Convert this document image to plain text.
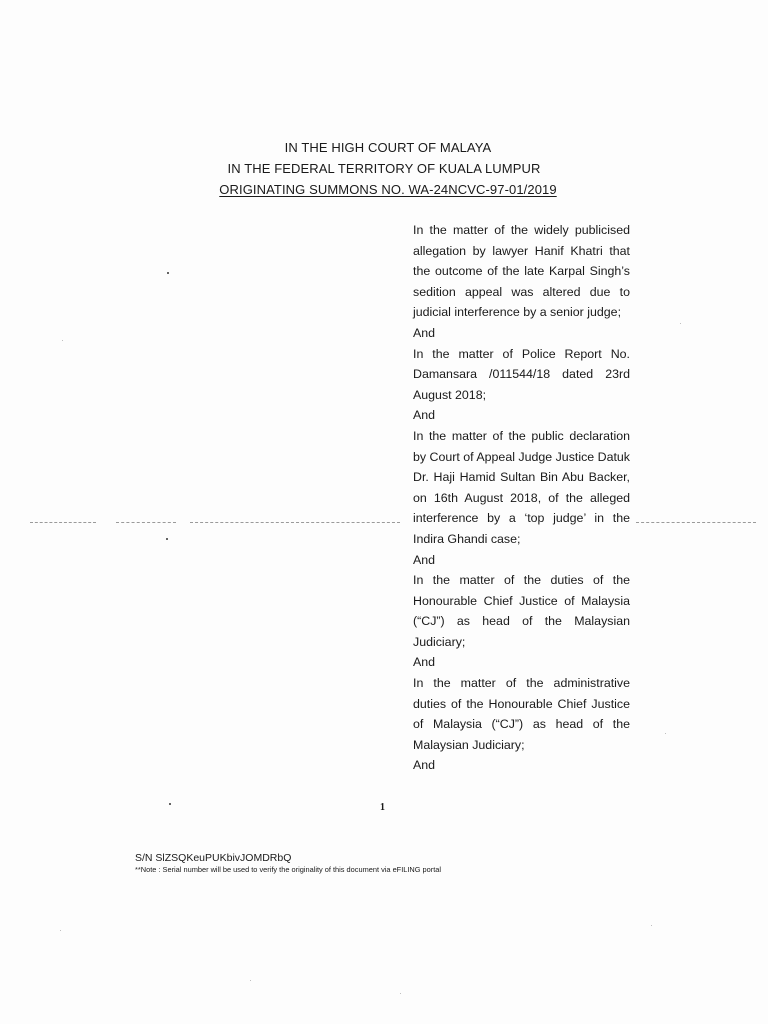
IN THE HIGH COURT OF MALAYA
IN THE FEDERAL TERRITORY OF KUALA LUMPUR
ORIGINATING SUMMONS NO. WA-24NCVC-97-01/2019
In the matter of the widely publicised allegation by lawyer Hanif Khatri that the outcome of the late Karpal Singh’s sedition appeal was altered due to judicial interference by a senior judge;
And
In the matter of Police Report No. Damansara /011544/18 dated 23rd August 2018;
And
In the matter of the public declaration by Court of Appeal Judge Justice Datuk Dr. Haji Hamid Sultan Bin Abu Backer, on 16th August 2018, of the alleged interference by a ‘top judge’ in the Indira Ghandi case;
And
In the matter of the duties of the Honourable Chief Justice of Malaysia (“CJ”) as head of the Malaysian Judiciary;
And
In the matter of the administrative duties of the Honourable Chief Justice of Malaysia (“CJ”) as head of the Malaysian Judiciary;
And
1
S/N SlZSQKeuPUKbivJOMDRbQ
**Note : Serial number will be used to verify the originality of this document via eFILING portal
